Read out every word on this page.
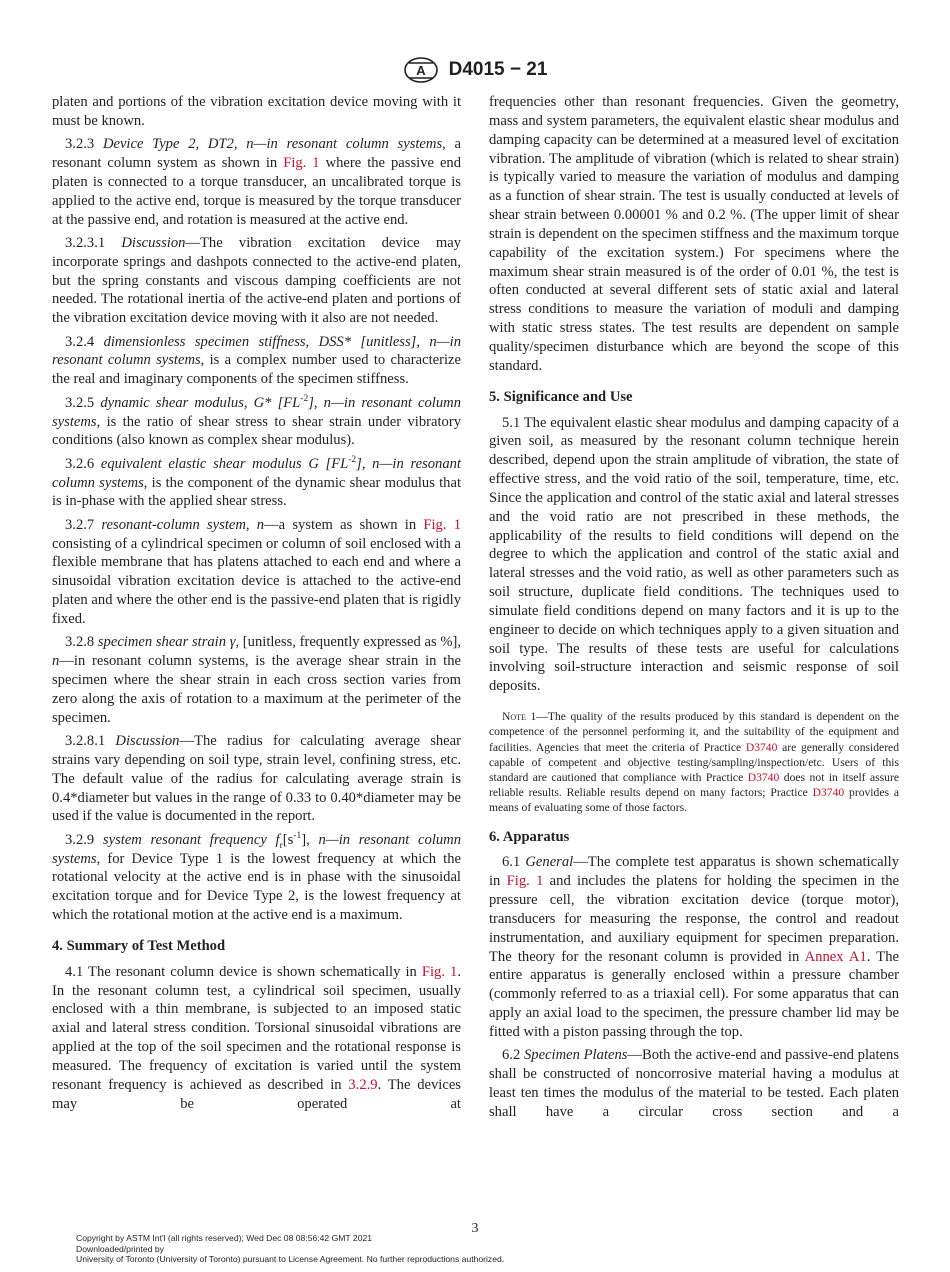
A D4015 − 21

platen and portions of the vibration excitation device moving with it must be known.

3.2.3 Device Type 2, DT2, n—in resonant column systems, a resonant column system as shown in Fig. 1 where the passive end platen is connected to a torque transducer, an uncalibrated torque is applied to the active end, torque is measured by the torque transducer at the passive end, and rotation is measured at the active end.

3.2.3.1 Discussion—The vibration excitation device may incorporate springs and dashpots connected to the active-end platen, but the spring constants and viscous damping coefficients are not needed. The rotational inertia of the active-end platen and portions of the vibration excitation device moving with it also are not needed.

3.2.4 dimensionless specimen stiffness, DSS* [unitless], n—in resonant column systems, is a complex number used to characterize the real and imaginary components of the specimen stiffness.

3.2.5 dynamic shear modulus, G* $[FL^{-2}]$, n—in resonant column systems, is the ratio of shear stress to shear strain under vibratory conditions (also known as complex shear modulus).

3.2.6 equivalent elastic shear modulus G $[FL^{-2}]$, n—in resonant column systems, is the component of the dynamic shear modulus that is in-phase with the applied shear stress.

3.2.7 resonant-column system, n—a system as shown in Fig. 1 consisting of a cylindrical specimen or column of soil enclosed with a flexible membrane that has platens attached to each end and where a sinusoidal vibration excitation device is attached to the active-end platen and where the other end is the passive-end platen that is rigidly fixed.

3.2.8 specimen shear strain γ, [unitless, frequently expressed as %], n—in resonant column systems, is the average shear strain in the specimen where the shear strain in each cross section varies from zero along the axis of rotation to a maximum at the perimeter of the specimen.

3.2.8.1 Discussion—The radius for calculating average shear strains vary depending on soil type, strain level, confining stress, etc. The default value of the radius for calculating average strain is 0.4*diameter but values in the range of 0.33 to 0.40*diameter may be used if the value is documented in the report.

3.2.9 system resonant frequency $f_r[s^{-1}]$, n—in resonant column systems, for Device Type 1 is the lowest frequency at which the rotational velocity at the active end is in phase with the sinusoidal excitation torque and for Device Type 2, is the lowest frequency at which the rotational motion at the active end is a maximum.

4. Summary of Test Method

4.1 The resonant column device is shown schematically in Fig. 1. In the resonant column test, a cylindrical soil specimen, usually enclosed with a thin membrane, is subjected to an imposed static axial and lateral stress condition. Torsional sinusoidal vibrations are applied at the top of the soil specimen and the rotational response is measured. The frequency of excitation is varied until the system resonant frequency is achieved as described in 3.2.9. The devices may be operated at

frequencies other than resonant frequencies. Given the geometry, mass and system parameters, the equivalent elastic shear modulus and damping capacity can be determined at a measured level of excitation vibration. The amplitude of vibration (which is related to shear strain) is typically varied to measure the variation of modulus and damping as a function of shear strain. The test is usually conducted at levels of shear strain between 0.00001 % and 0.2 %. (The upper limit of shear strain is dependent on the specimen stiffness and the maximum torque capability of the excitation system.) For specimens where the maximum shear strain measured is of the order of 0.01 %, the test is often conducted at several different sets of static axial and lateral stress conditions to measure the variation of moduli and damping with static stress states. The test results are dependent on sample quality/specimen disturbance which are beyond the scope of this standard.

5. Significance and Use

5.1 The equivalent elastic shear modulus and damping capacity of a given soil, as measured by the resonant column technique herein described, depend upon the strain amplitude of vibration, the state of effective stress, and the void ratio of the soil, temperature, time, etc. Since the application and control of the static axial and lateral stresses and the void ratio are not prescribed in these methods, the applicability of the results to field conditions will depend on the degree to which the application and control of the static axial and lateral stresses and the void ratio, as well as other parameters such as soil structure, duplicate field conditions. The techniques used to simulate field conditions depend on many factors and it is up to the engineer to decide on which techniques apply to a given situation and soil type. The results of these tests are useful for calculations involving soil-structure interaction and seismic response of soil deposits.

Note 1—The quality of the results produced by this standard is dependent on the competence of the personnel performing it, and the suitability of the equipment and facilities. Agencies that meet the criteria of Practice D3740 are generally considered capable of competent and objective testing/sampling/inspection/etc. Users of this standard are cautioned that compliance with Practice D3740 does not in itself assure reliable results. Reliable results depend on many factors; Practice D3740 provides a means of evaluating some of those factors.

6. Apparatus

6.1 General—The complete test apparatus is shown schematically in Fig. 1 and includes the platens for holding the specimen in the pressure cell, the vibration excitation device (torque motor), transducers for measuring the response, the control and readout instrumentation, and auxiliary equipment for specimen preparation. The theory for the resonant column is provided in Annex A1. The entire apparatus is generally enclosed within a pressure chamber (commonly referred to as a triaxial cell). For some apparatus that can apply an axial load to the specimen, the pressure chamber lid may be fitted with a piston passing through the top.

6.2 Specimen Platens—Both the active-end and passive-end platens shall be constructed of noncorrosive material having a modulus at least ten times the modulus of the material to be tested. Each platen shall have a circular cross section and a

3
Copyright by ASTM Int'l (all rights reserved); Wed Dec 08 08:56:42 GMT 2021
Downloaded/printed by
University of Toronto (University of Toronto) pursuant to License Agreement. No further reproductions authorized.
